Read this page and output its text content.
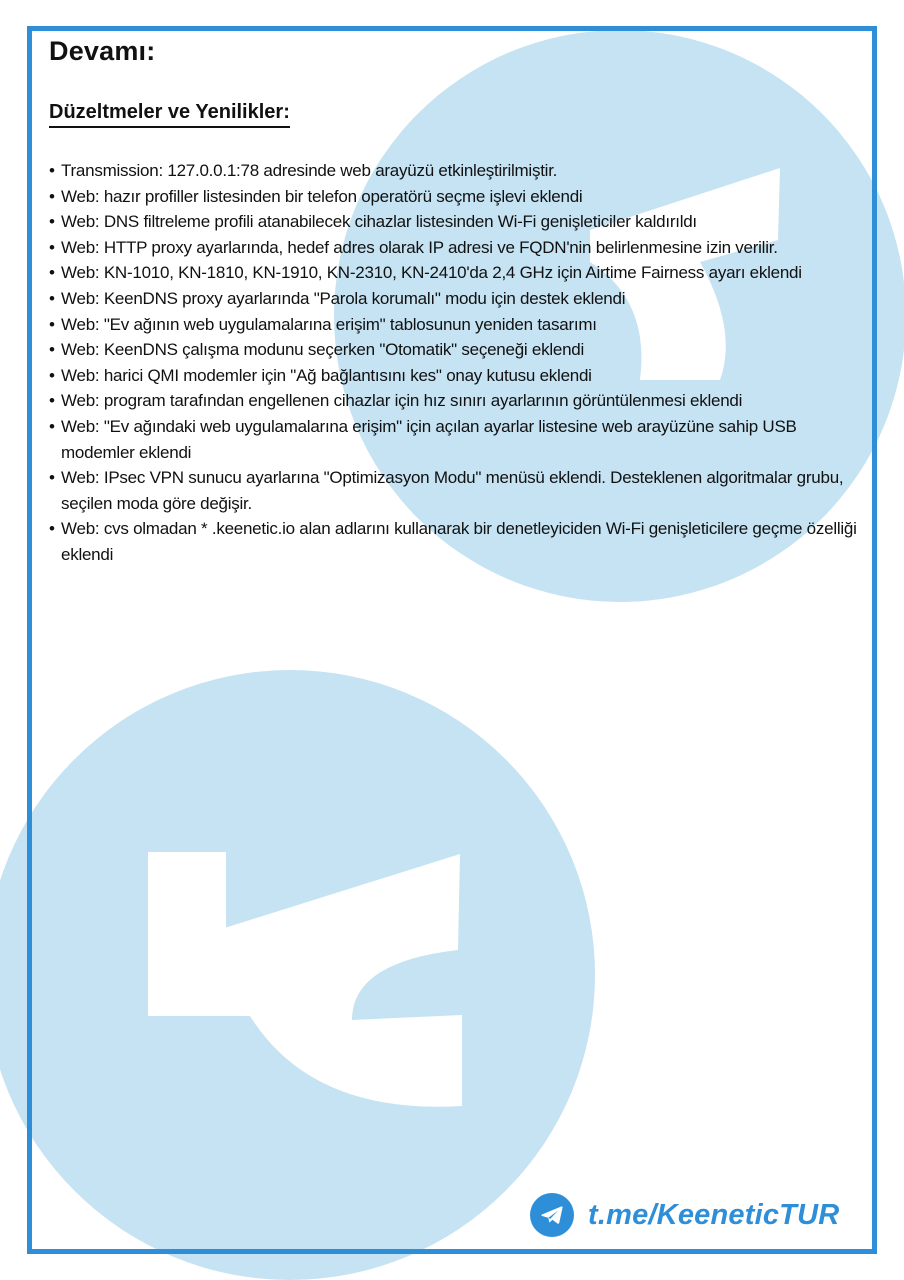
Devamı:
Düzeltmeler ve Yenilikler:
• Transmission: 127.0.0.1:78 adresinde web arayüzü etkinleştirilmiştir.
• Web: hazır profiller listesinden bir telefon operatörü seçme işlevi eklendi
• Web: DNS filtreleme profili atanabilecek cihazlar listesinden Wi-Fi genişleticiler kaldırıldı
• Web: HTTP proxy ayarlarında, hedef adres olarak IP adresi ve FQDN'nin belirlenmesine izin verilir.
• Web: KN-1010, KN-1810, KN-1910, KN-2310, KN-2410'da 2,4 GHz için Airtime Fairness ayarı eklendi
• Web: KeenDNS proxy ayarlarında "Parola korumalı" modu için destek eklendi
• Web: "Ev ağının web uygulamalarına erişim" tablosunun yeniden tasarımı
• Web: KeenDNS çalışma modunu seçerken "Otomatik" seçeneği eklendi
• Web: harici QMI modemler için "Ağ bağlantısını kes" onay kutusu eklendi
• Web: program tarafından engellenen cihazlar için hız sınırı ayarlarının görüntülenmesi eklendi
• Web: "Ev ağındaki web uygulamalarına erişim" için açılan ayarlar listesine web arayüzüne sahip USB modemler eklendi
• Web: IPsec VPN sunucu ayarlarına "Optimizasyon Modu" menüsü eklendi. Desteklenen algoritmalar grubu, seçilen moda göre değişir.
• Web: cvs olmadan * .keenetic.io alan adlarını kullanarak bir denetleyiciden Wi-Fi genişleticilere geçme özelliği eklendi
t.me/KeeneticTUR
